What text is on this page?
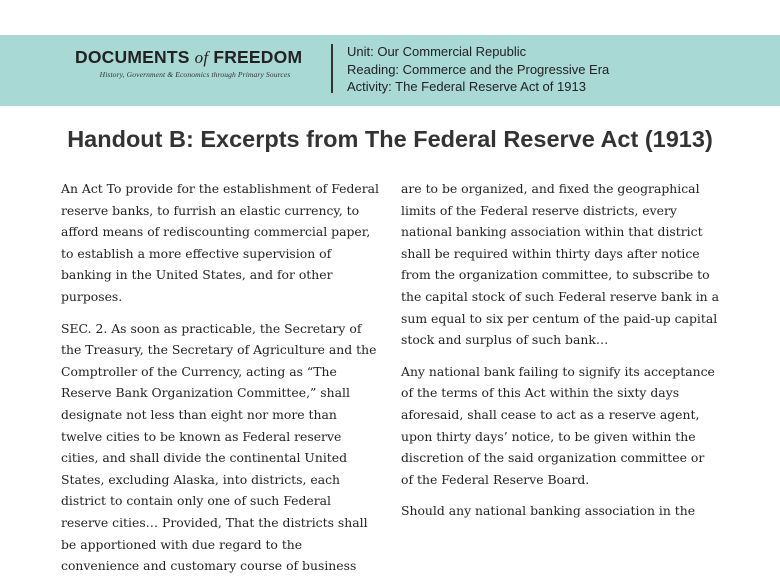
DOCUMENTS of FREEDOM
History, Government & Economics through Primary Sources
Unit: Our Commercial Republic
Reading: Commerce and the Progressive Era
Activity: The Federal Reserve Act of 1913
Handout B: Excerpts from The Federal Reserve Act (1913)

An Act To provide for the establishment of Federal reserve banks, to furrish an elastic currency, to afford means of rediscounting commercial paper, to establish a more effective supervision of banking in the United States, and for other purposes.

SEC. 2. As soon as practicable, the Secretary of the Treasury, the Secretary of Agriculture and the Comptroller of the Currency, acting as “The Reserve Bank Organization Committee,” shall designate not less than eight nor more than twelve cities to be known as Federal reserve cities, and shall divide the continental United States, excluding Alaska, into districts, each district to contain only one of such Federal reserve cities… Provided, That the districts shall be apportioned with due regard to the convenience and customary course of business

are to be organized, and fixed the geographical limits of the Federal reserve districts, every national banking association within that district shall be required within thirty days after notice from the organization committee, to subscribe to the capital stock of such Federal reserve bank in a sum equal to six per centum of the paid-up capital stock and surplus of such bank…

Any national bank failing to signify its acceptance of the terms of this Act within the sixty days aforesaid, shall cease to act as a reserve agent, upon thirty days’ notice, to be given within the discretion of the said organization committee or of the Federal Reserve Board.

Should any national banking association in the
